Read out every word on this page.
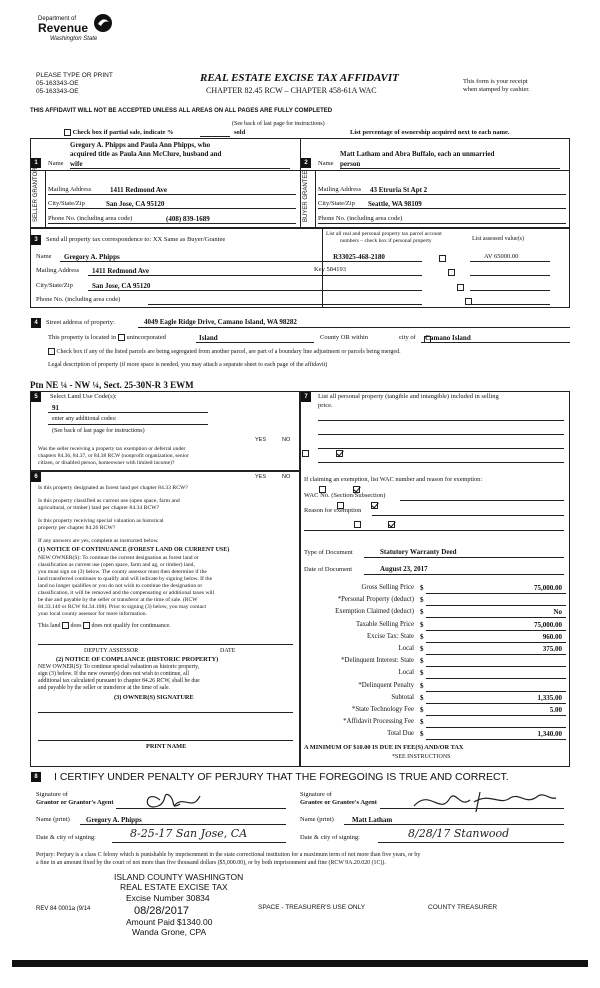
Department of
Revenue
Washington State
PLEASE TYPE OR PRINT
05-163343-OE
05-163343-OE
REAL ESTATE EXCISE TAX AFFIDAVIT
CHAPTER 82.45 RCW – CHAPTER 458-61A WAC
This form is your receipt
when stamped by cashier.
THIS AFFIDAVIT WILL NOT BE ACCEPTED UNLESS ALL AREAS ON ALL PAGES ARE FULLY COMPLETED
(See back of last page for instructions)
Check box if partial sale, indicate %	sold	List percentage of ownership acquired next to each name.
1
Gregory A. Phipps and Paula Ann Phipps, who
acquired title as Paula Ann McClure, husband and
Name wife
SELLER GRANTOR Mailing Address	1411 Redmond Ave
City/State/Zip	San Jose, CA 95120
Phone No. (including area code)	(408) 839-1689
2
Matt Latham and Abra Buffalo, each an unmarried
Name person
BUYER GRANTEE Mailing Address 43 Etruria St Apt 2
City/State/Zip Seattle, WA 98109
Phone No. (including area code)
3	Send all property tax correspondence to: XX Same as Buyer/Grantee
Name Gregory A. Phipps
Mailing Address 1411 Redmond Ave
City/State/Zip	San Jose, CA 95120
Phone No. (including area code)
List all real and personal property tax parcel account
numbers – check box if personal property	List assessed value(s)
R33025-468-2180
	AV 65000.00
Key 584193

4	Street address of property:	4049 Eagle Ridge Drive, Camano Island, WA 98282
This property is located in unincorporated	Island	County OR within
	city of Camano Island
Check box if any of the listed parcels are being segregated from another parcel, are part of a boundary line adjustment or parcels being merged.
Legal description of property (if more space is needed, you may attach a separate sheet to each page of the affidavit)
Ptn NE ¼ - NW ¼, Sect. 25-30N-R 3 EWM
5	Select Land Use Code(s):
91
enter any additional codes:
(See back of last page for instructions)
YES	NO
Was the seller receiving a property tax exemption or deferral under
chapters 84.36, 84.37, or 84.38 RCW (nonprofit organization, senior
citizen, or disabled person, homeowner with limited income)?

6	YES	NO
Is this property designated as forest land per chapter 84.33 RCW?

Is this property classified as current use (open space, farm and
agricultural, or timber) land per chapter 84.34 RCW?

Is this property receiving special valuation as historical
property per chapter 84.26 RCW?

If any answers are yes, complete as instructed below.
(1) NOTICE OF CONTINUANCE (FOREST LAND OR CURRENT USE)
NEW OWNER(S): To continue the current designation as forest land or
classification as current use (open space, farm and ag, or timber) land,
you must sign on (3) below. The county assessor must then determine if the
land transferred continues to qualify and will indicate by signing below. If the
land no longer qualifies or you do not wish to continue the designation or
classification, it will be removed and the compensating or additional taxes will
be due and payable by the seller or transferor at the time of sale. (RCW
84.33.140 or RCW 84.34.108). Prior to signing (3) below, you may contact
your local county assessor for more information.
This land does does not qualify for continuance.
DEPUTY ASSESSOR	DATE
(2) NOTICE OF COMPLIANCE (HISTORIC PROPERTY)
NEW OWNER(S): To continue special valuation as historic property,
sign (3) below. If the new owner(s) does not wish to continue, all
additional tax calculated pursuant to chapter 84.26 RCW, shall be due
and payable by the seller or transferor at the time of sale.
(3) OWNER(S) SIGNATURE
PRINT NAME
7	List all personal property (tangible and intangible) included in selling
price.
If claiming an exemption, list WAC number and reason for exemption:
WAC No. (Section/Subsection)
Reason for exemption
Type of Document	Statutory Warranty Deed
Date of Document	August 23, 2017
Gross Selling Price $	75,000.00
*Personal Property (deduct) $
Exemption Claimed (deduct) $	No
Taxable Selling Price $	75,000.00
Excise Tax: State $	960.00
Local $	375.00
*Delinquent Interest: State $
Local $
*Delinquent Penalty $
Subtotal $	1,335.00
*State Technology Fee $	5.00
*Affidavit Processing Fee $
Total Due $	1,340.00
A MINIMUM OF $10.00 IS DUE IN FEE(S) AND/OR TAX
*SEE INSTRUCTIONS
8	I CERTIFY UNDER PENALTY OF PERJURY THAT THE FOREGOING IS TRUE AND CORRECT.
Signature of
Grantor or Grantor's Agent
Name (print) Gregory A. Phipps
Date & city of signing:	8-25-17 San Jose, CA
Signature of
Grantee or Grantee's Agent
Name (print)	Matt Latham
Date & city of signing:	8/28/17 Stanwood
Perjury: Perjury is a class C felony which is punishable by imprisonment in the state correctional institution for a maximum term of not more than five years, or by
a fine in an amount fixed by the court of not more than five thousand dollars ($5,000.00), or by both imprisonment and fine (RCW 9A.20.020 (1C)).
ISLAND COUNTY WASHINGTON
REAL ESTATE EXCISE TAX
Excise Number 30834
08/28/2017
Amount Paid $1340.00
Wanda Grone, CPA
REV 84 0001a (9/14	SPACE - TREASURER'S USE ONLY	COUNTY TREASURER
